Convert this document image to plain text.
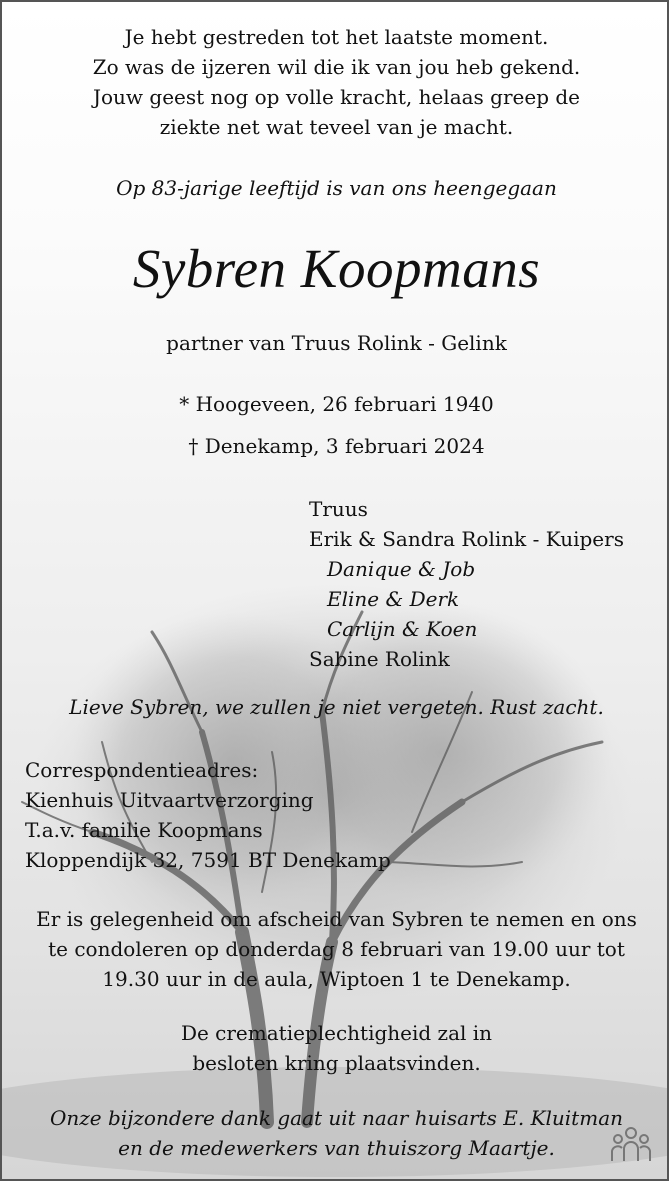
Je hebt gestreden tot het laatste moment.
Zo was de ijzeren wil die ik van jou heb gekend.
Jouw geest nog op volle kracht, helaas greep de
ziekte net wat teveel van je macht.
Op 83-jarige leeftijd is van ons heengegaan
Sybren Koopmans
partner van Truus Rolink - Gelink
* Hoogeveen, 26 februari 1940
† Denekamp, 3 februari 2024
Truus
Erik & Sandra Rolink - Kuipers
Danique & Job
Eline & Derk
Carlijn & Koen
Sabine Rolink
Lieve Sybren, we zullen je niet vergeten. Rust zacht.
Correspondentieadres:
Kienhuis Uitvaartverzorging
T.a.v. familie Koopmans
Kloppendijk 32, 7591 BT Denekamp
Er is gelegenheid om afscheid van Sybren te nemen en ons
te condoleren op donderdag 8 februari van 19.00 uur tot
19.30 uur in de aula, Wiptoen 1 te Denekamp.
De crematieplechtigheid zal in
besloten kring plaatsvinden.
Onze bijzondere dank gaat uit naar huisarts E. Kluitman
en de medewerkers van thuiszorg Maartje.
